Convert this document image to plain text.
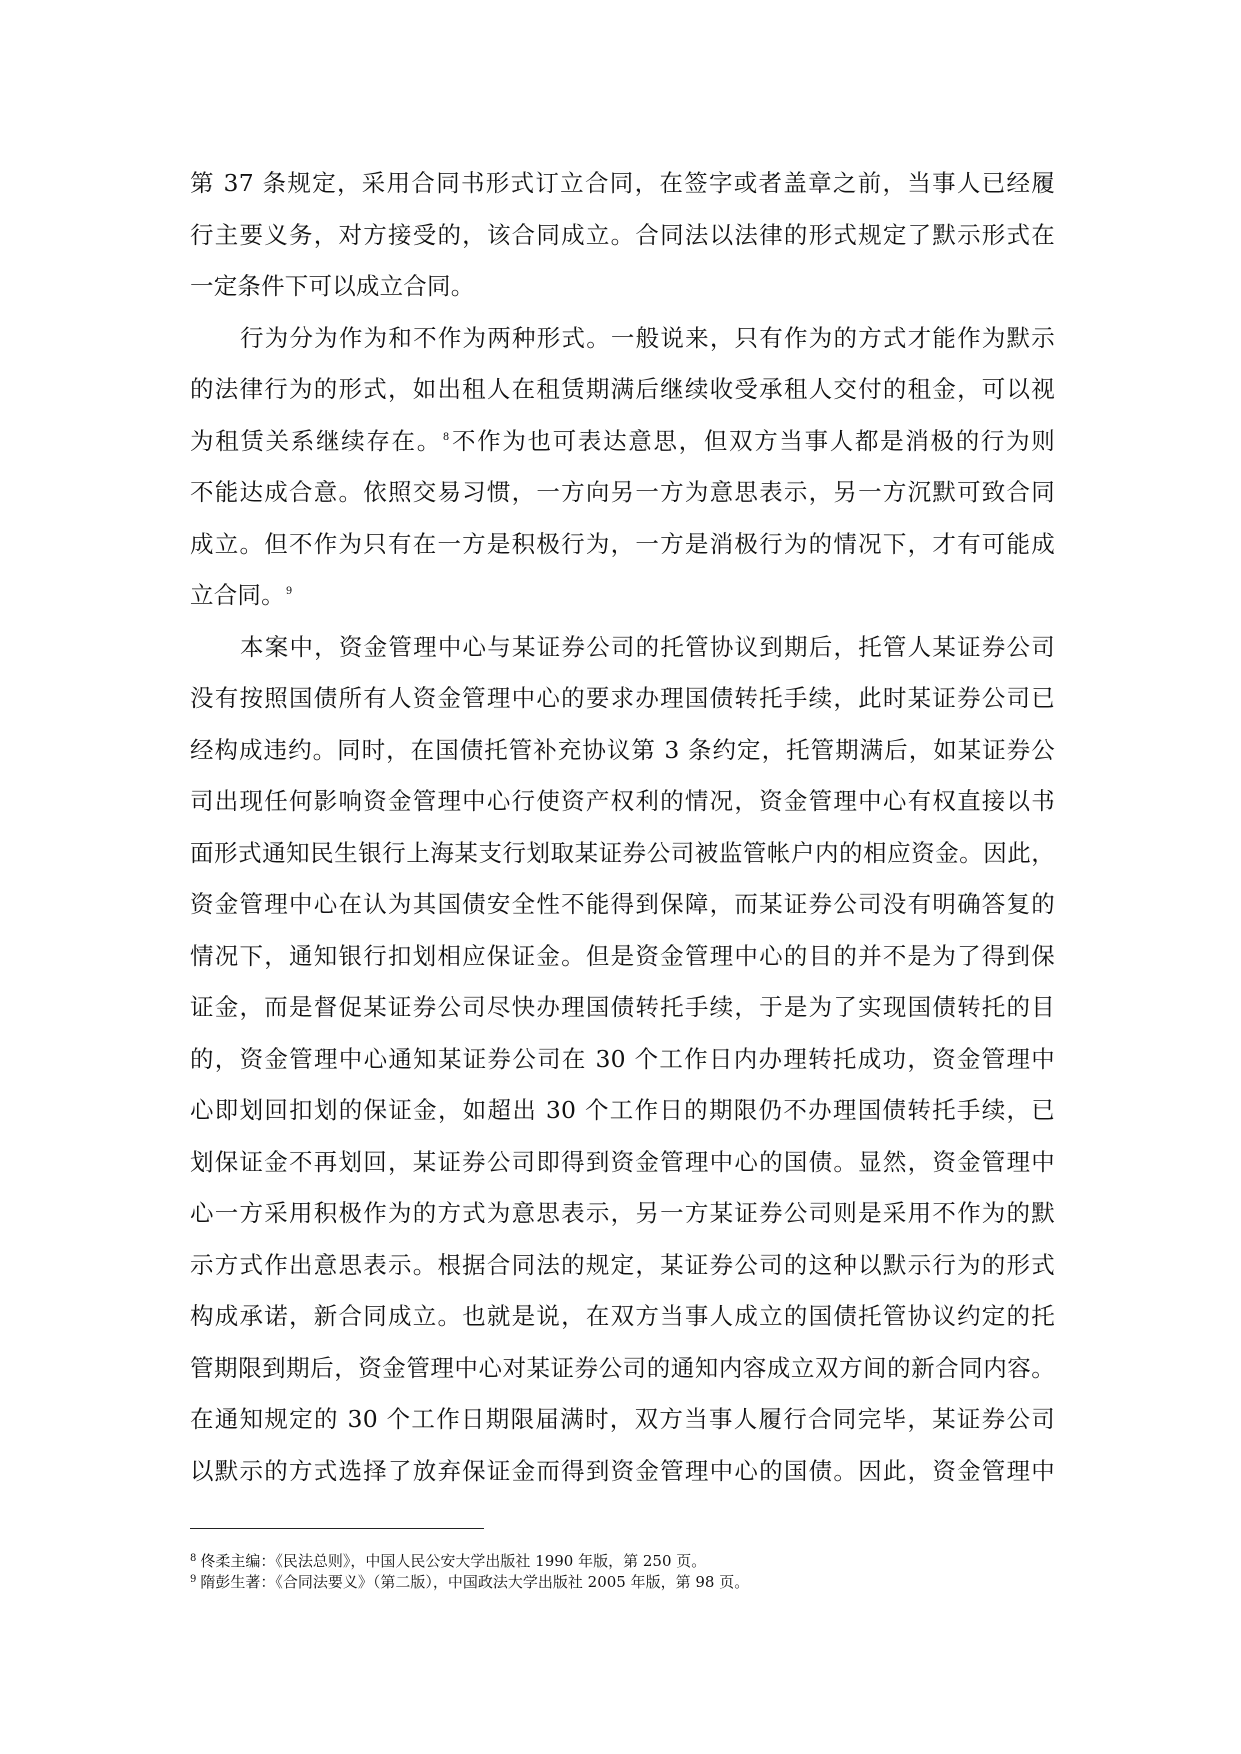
第 37 条规定，采用合同书形式订立合同，在签字或者盖章之前，当事人已经履
行主要义务，对方接受的，该合同成立。合同法以法律的形式规定了默示形式在
一定条件下可以成立合同。
行为分为作为和不作为两种形式。一般说来，只有作为的方式才能作为默示
的法律行为的形式，如出租人在租赁期满后继续收受承租人交付的租金，可以视
为租赁关系继续存在。$^8$不作为也可表达意思，但双方当事人都是消极的行为则
不能达成合意。依照交易习惯，一方向另一方为意思表示，另一方沉默可致合同
成立。但不作为只有在一方是积极行为，一方是消极行为的情况下，才有可能成
立合同。$^9$
本案中，资金管理中心与某证券公司的托管协议到期后，托管人某证券公司
没有按照国债所有人资金管理中心的要求办理国债转托手续，此时某证券公司已
经构成违约。同时，在国债托管补充协议第 3 条约定，托管期满后，如某证券公
司出现任何影响资金管理中心行使资产权利的情况，资金管理中心有权直接以书
面形式通知民生银行上海某支行划取某证券公司被监管帐户内的相应资金。因此，
资金管理中心在认为其国债安全性不能得到保障，而某证券公司没有明确答复的
情况下，通知银行扣划相应保证金。但是资金管理中心的目的并不是为了得到保
证金，而是督促某证券公司尽快办理国债转托手续，于是为了实现国债转托的目
的，资金管理中心通知某证券公司在 30 个工作日内办理转托成功，资金管理中
心即划回扣划的保证金，如超出 30 个工作日的期限仍不办理国债转托手续，已
划保证金不再划回，某证券公司即得到资金管理中心的国债。显然，资金管理中
心一方采用积极作为的方式为意思表示，另一方某证券公司则是采用不作为的默
示方式作出意思表示。根据合同法的规定，某证券公司的这种以默示行为的形式
构成承诺，新合同成立。也就是说，在双方当事人成立的国债托管协议约定的托
管期限到期后，资金管理中心对某证券公司的通知内容成立双方间的新合同内容。
在通知规定的 30 个工作日期限届满时，双方当事人履行合同完毕，某证券公司
以默示的方式选择了放弃保证金而得到资金管理中心的国债。因此，资金管理中
$^8$ 佟柔主编：《民法总则》，中国人民公安大学出版社 1990 年版，第 250 页。
$^9$ 隋彭生著：《合同法要义》（第二版），中国政法大学出版社 2005 年版，第 98 页。
